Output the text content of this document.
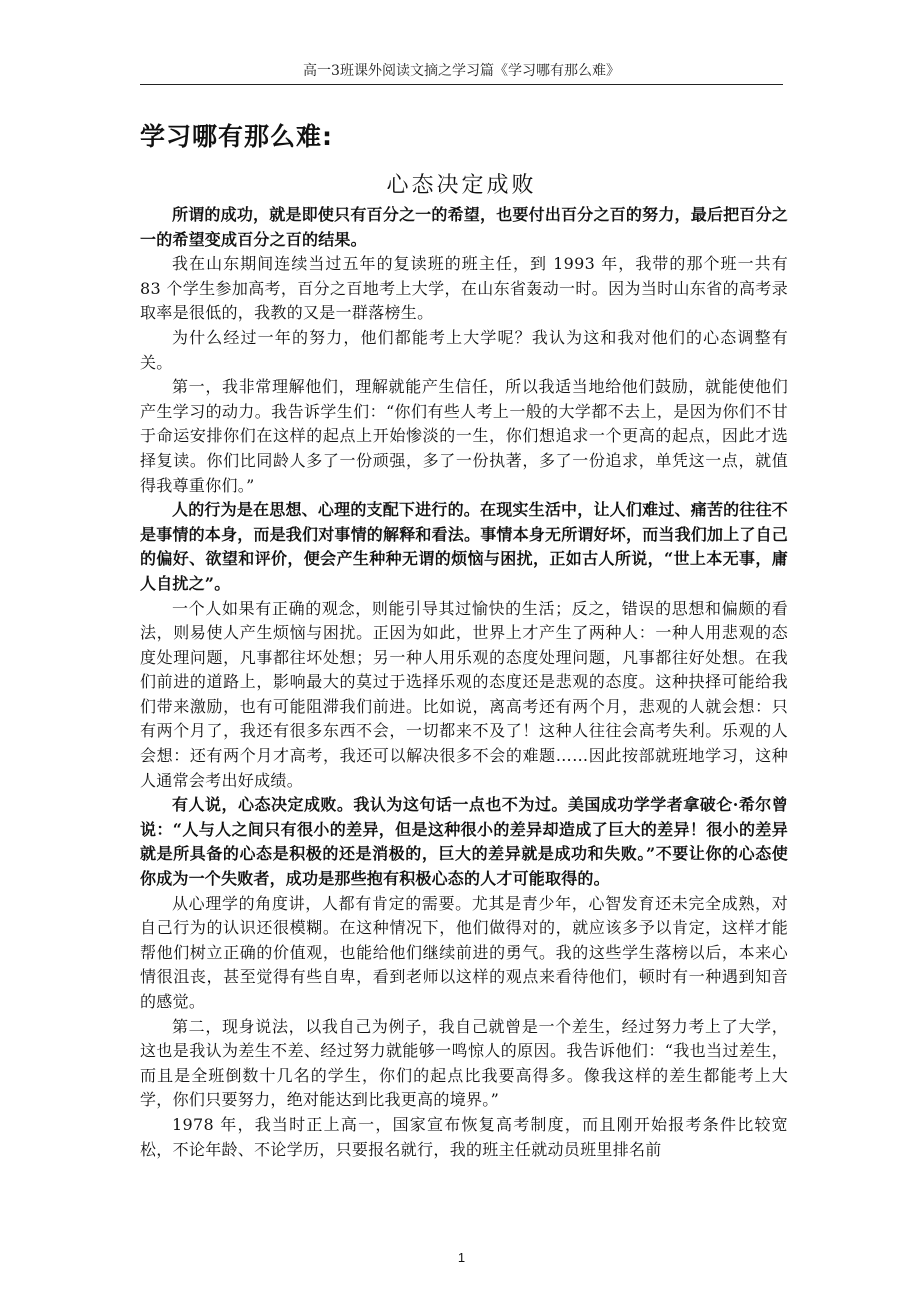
高一3班课外阅读文摘之学习篇《学习哪有那么难》
学习哪有那么难:
心态决定成败

所谓的成功，就是即使只有百分之一的希望，也要付出百分之百的努力，最后把百分之一的希望变成百分之百的结果。

我在山东期间连续当过五年的复读班的班主任，到 1993 年，我带的那个班一共有 83 个学生参加高考，百分之百地考上大学，在山东省轰动一时。因为当时山东省的高考录取率是很低的，我教的又是一群落榜生。

为什么经过一年的努力，他们都能考上大学呢？我认为这和我对他们的心态调整有关。

第一，我非常理解他们，理解就能产生信任，所以我适当地给他们鼓励，就能使他们产生学习的动力。我告诉学生们：“你们有些人考上一般的大学都不去上，是因为你们不甘于命运安排你们在这样的起点上开始惨淡的一生，你们想追求一个更高的起点，因此才选择复读。你们比同龄人多了一份顽强，多了一份执著，多了一份追求，单凭这一点，就值得我尊重你们。”

人的行为是在思想、心理的支配下进行的。在现实生活中，让人们难过、痛苦的往往不是事情的本身，而是我们对事情的解释和看法。事情本身无所谓好坏，而当我们加上了自己的偏好、欲望和评价，便会产生种种无谓的烦恼与困扰，正如古人所说，“世上本无事，庸人自扰之”。

一个人如果有正确的观念，则能引导其过愉快的生活；反之，错误的思想和偏颇的看法，则易使人产生烦恼与困扰。正因为如此，世界上才产生了两种人：一种人用悲观的态度处理问题，凡事都往坏处想；另一种人用乐观的态度处理问题，凡事都往好处想。在我们前进的道路上，影响最大的莫过于选择乐观的态度还是悲观的态度。这种抉择可能给我们带来激励，也有可能阻滞我们前进。比如说，离高考还有两个月，悲观的人就会想：只有两个月了，我还有很多东西不会，一切都来不及了！这种人往往会高考失利。乐观的人会想：还有两个月才高考，我还可以解决很多不会的难题……因此按部就班地学习，这种人通常会考出好成绩。

有人说，心态决定成败。我认为这句话一点也不为过。美国成功学学者拿破仑·希尔曾说：“人与人之间只有很小的差异，但是这种很小的差异却造成了巨大的差异！很小的差异就是所具备的心态是积极的还是消极的，巨大的差异就是成功和失败。”不要让你的心态使你成为一个失败者，成功是那些抱有积极心态的人才可能取得的。

从心理学的角度讲，人都有肯定的需要。尤其是青少年，心智发育还未完全成熟，对自己行为的认识还很模糊。在这种情况下，他们做得对的，就应该多予以肯定，这样才能帮他们树立正确的价值观，也能给他们继续前进的勇气。我的这些学生落榜以后，本来心情很沮丧，甚至觉得有些自卑，看到老师以这样的观点来看待他们，顿时有一种遇到知音的感觉。

第二，现身说法，以我自己为例子，我自己就曾是一个差生，经过努力考上了大学，这也是我认为差生不差、经过努力就能够一鸣惊人的原因。我告诉他们：“我也当过差生，而且是全班倒数十几名的学生，你们的起点比我要高得多。像我这样的差生都能考上大学，你们只要努力，绝对能达到比我更高的境界。”

1978 年，我当时正上高一，国家宣布恢复高考制度，而且刚开始报考条件比较宽松，不论年龄、不论学历，只要报名就行，我的班主任就动员班里排名前

1
